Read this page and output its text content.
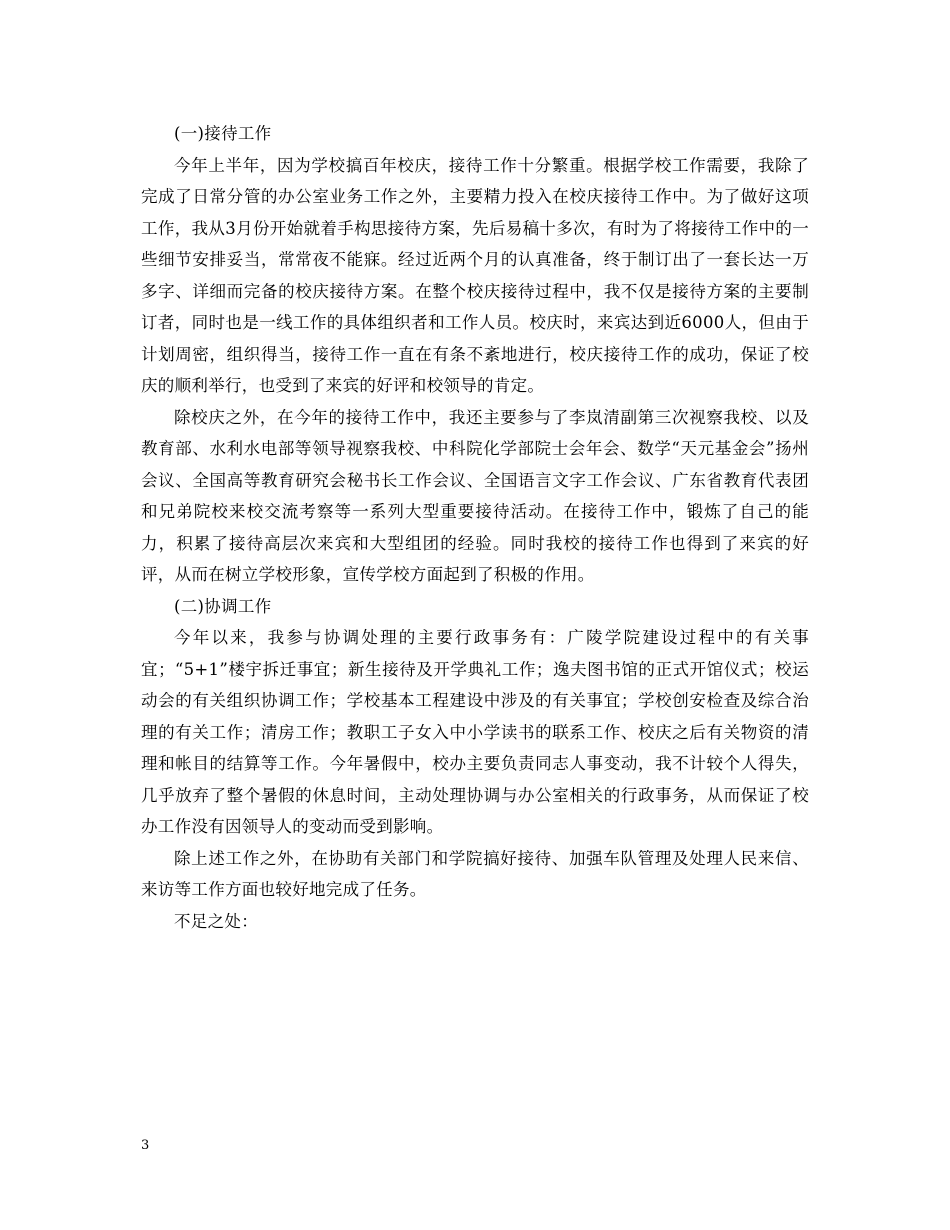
(一)接待工作

今年上半年，因为学校搞百年校庆，接待工作十分繁重。根据学校工作需要，我除了完成了日常分管的办公室业务工作之外，主要精力投入在校庆接待工作中。为了做好这项工作，我从3月份开始就着手构思接待方案，先后易稿十多次，有时为了将接待工作中的一些细节安排妥当，常常夜不能寐。经过近两个月的认真准备，终于制订出了一套长达一万多字、详细而完备的校庆接待方案。在整个校庆接待过程中，我不仅是接待方案的主要制订者，同时也是一线工作的具体组织者和工作人员。校庆时，来宾达到近6000人，但由于计划周密，组织得当，接待工作一直在有条不紊地进行，校庆接待工作的成功，保证了校庆的顺利举行，也受到了来宾的好评和校领导的肯定。

除校庆之外，在今年的接待工作中，我还主要参与了李岚清副第三次视察我校、以及教育部、水利水电部等领导视察我校、中科院化学部院士会年会、数学“天元基金会”扬州会议、全国高等教育研究会秘书长工作会议、全国语言文字工作会议、广东省教育代表团和兄弟院校来校交流考察等一系列大型重要接待活动。在接待工作中，锻炼了自己的能力，积累了接待高层次来宾和大型组团的经验。同时我校的接待工作也得到了来宾的好评，从而在树立学校形象，宣传学校方面起到了积极的作用。

(二)协调工作

今年以来，我参与协调处理的主要行政事务有：广陵学院建设过程中的有关事宜；“5+1”楼宇拆迁事宜；新生接待及开学典礼工作；逸夫图书馆的正式开馆仪式；校运动会的有关组织协调工作；学校基本工程建设中涉及的有关事宜；学校创安检查及综合治理的有关工作；清房工作；教职工子女入中小学读书的联系工作、校庆之后有关物资的清理和帐目的结算等工作。今年暑假中，校办主要负责同志人事变动，我不计较个人得失，几乎放弃了整个暑假的休息时间，主动处理协调与办公室相关的行政事务，从而保证了校办工作没有因领导人的变动而受到影响。

除上述工作之外，在协助有关部门和学院搞好接待、加强车队管理及处理人民来信、来访等工作方面也较好地完成了任务。

不足之处：

3
